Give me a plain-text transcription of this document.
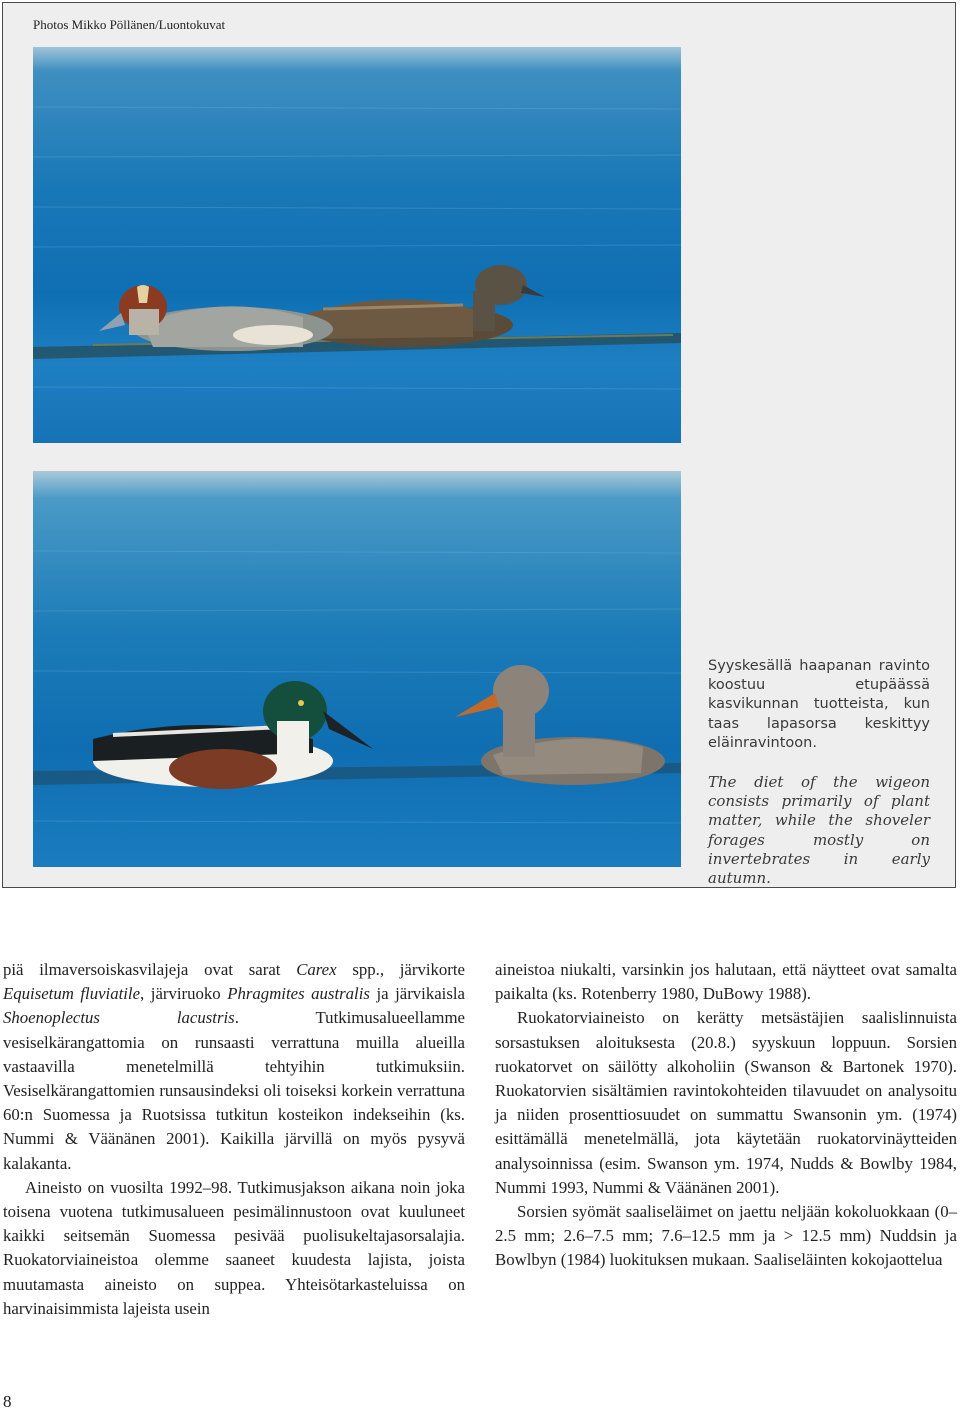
Photos Mikko Pöllänen/Luontokuvat
Syyskesällä haapanan ravinto koostuu etupäässä kasvikunnan tuotteista, kun taas lapasorsa keskittyy eläinravintoon.
The diet of the wigeon consists primarily of plant matter, while the shoveler forages mostly on invertebrates in early autumn.

piä ilmaversoiskasvilajeja ovat sarat Carex spp., järvikorte Equisetum fluviatile, järviruoko Phragmites australis ja järvikaisla Shoenoplectus lacustris. Tutkimusalueellamme vesiselkärangattomia on runsaasti verrattuna muilla alueilla vastaavilla menetelmillä tehtyihin tutkimuksiin. Vesiselkärangattomien runsausindeksi oli toiseksi korkein verrattuna 60:n Suomessa ja Ruotsissa tutkitun kosteikon indekseihin (ks. Nummi & Väänänen 2001). Kaikilla järvillä on myös pysyvä kalakanta.

Aineisto on vuosilta 1992–98. Tutkimusjakson aikana noin joka toisena vuotena tutkimusalueen pesimälinnustoon ovat kuuluneet kaikki seitsemän Suomessa pesivää puolisukeltajasorsalajia. Ruokatorviaineistoa olemme saaneet kuudesta lajista, joista muutamasta aineisto on suppea. Yhteisötarkasteluissa on harvinaisimmista lajeista usein

aineistoa niukalti, varsinkin jos halutaan, että näytteet ovat samalta paikalta (ks. Rotenberry 1980, DuBowy 1988).

Ruokatorviaineisto on kerätty metsästäjien saalislinnuista sorsastuksen aloituksesta (20.8.) syyskuun loppuun. Sorsien ruokatorvet on säilötty alkoholiin (Swanson & Bartonek 1970). Ruokatorvien sisältämien ravintokohteiden tilavuudet on analysoitu ja niiden prosenttiosuudet on summattu Swansonin ym. (1974) esittämällä menetelmällä, jota käytetään ruokatorvinäytteiden analysoinnissa (esim. Swanson ym. 1974, Nudds & Bowlby 1984, Nummi 1993, Nummi & Väänänen 2001).

Sorsien syömät saaliseläimet on jaettu neljään kokoluokkaan (0–2.5 mm; 2.6–7.5 mm; 7.6–12.5 mm ja > 12.5 mm) Nuddsin ja Bowlbyn (1984) luokituksen mukaan. Saaliseläinten kokojaottelua

8
